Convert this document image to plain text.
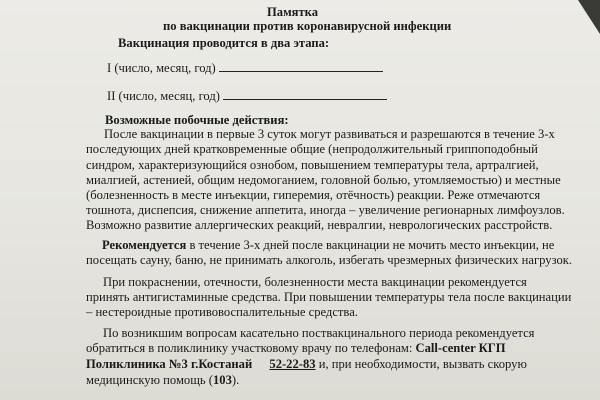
Памятка
по вакцинации против коронавирусной инфекции
Вакцинация проводится в два этапа:
I (число, месяц, год)
II (число, месяц, год)
Возможные побочные действия:
После вакцинации в первые 3 суток могут развиваться и разрешаются в течение 3-х
последующих дней кратковременные общие (непродолжительный гриппоподобный
синдром, характеризующийся ознобом, повышением температуры тела, артралгией,
миалгией, астенией, общим недомоганием, головной болью, утомляемостью) и местные
(болезненность в месте инъекции, гиперемия, отёчность) реакции. Реже отмечаются
тошнота, диспепсия, снижение аппетита, иногда – увеличение регионарных лимфоузлов.
Возможно развитие аллергических реакций, неврал​гии, неврологических расстройств.
Рекомендуется в течение 3-х дней после вакцинации не мочить место инъекции, не
посещать сауну, баню, не принимать алкоголь, избегать чрезмерных физических нагрузок.
При покраснении, отечности, болезненности места вакцинации рекомендуется
принять антигистаминные средства. При повышении температуры тела после вакцинации
– нестероидные противовоспалительные средства.
По возникшим вопросам касательно поствакцинального периода рекомендуется
обратиться в поликлинику участковому врачу по телефонам: Call-center КГП
Поликлиника №3 г.Костанай 52-22-83 и, при необходимости, вызвать скорую
медицинскую помощь (103).
